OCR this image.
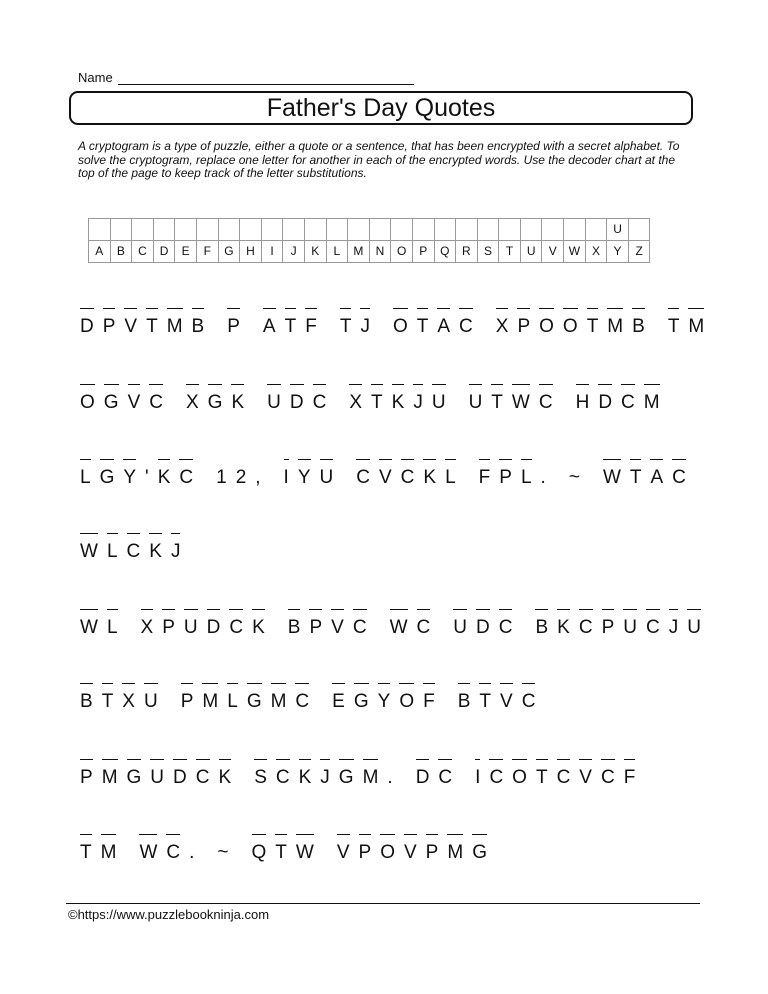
Name
Father's Day Quotes
A cryptogram is a type of puzzle, either a quote or a sentence, that has been encrypted with a secret alphabet. To solve the cryptogram, replace one letter for another in each of the encrypted words. Use the decoder chart at the top of the page to keep track of the letter substitutions.
																								U	
A	B	C	D	E	F	G	H	I	J	K	L	M	N	O	P	Q	R	S	T	U	V	W	X	Y	Z
DPVTMB P ATF TJ OTAC XPOOTMB TM
OGVC XGK UDC XTKJU UTWC HDCM
LGY'KC 12, IYU CVCKL FPL. ~ WTAC
WLCKJ
WL XPUDCK BPVC WC UDC BKCPUCJU
BTXU PMLGMC EGYOF BTVC
PMGUDCK SCKJGM. DC ICOTCVCF
TM WC. ~ QTW VPOVPMG
©https://www.puzzlebookninja.com
